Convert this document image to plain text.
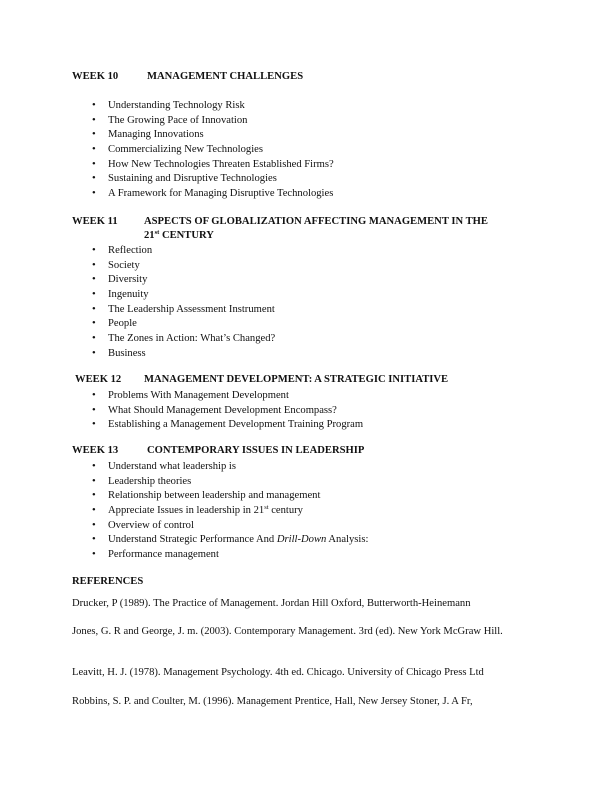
WEEK 10	MANAGEMENT CHALLENGES
• Understanding Technology Risk
• The Growing Pace of Innovation
• Managing Innovations
• Commercializing New Technologies
• How New Technologies Threaten Established Firms?
• Sustaining and Disruptive Technologies
• A Framework for Managing Disruptive Technologies
WEEK 11 ASPECTS OF GLOBALIZATION AFFECTING MANAGEMENT IN THE
21st CENTURY
• Reflection
• Society
• Diversity
• Ingenuity
• The Leadership Assessment Instrument
• People
• The Zones in Action: What’s Changed?
• Business
WEEK 12 MANAGEMENT DEVELOPMENT: A STRATEGIC INITIATIVE
• Problems With Management Development
• What Should Management Development Encompass?
• Establishing a Management Development Training Program
WEEK 13	CONTEMPORARY ISSUES IN LEADERSHIP
• Understand what leadership is
• Leadership theories
• Relationship between leadership and management
• Appreciate Issues in leadership in 21st century
• Overview of control
• Understand Strategic Performance And Drill-Down Analysis:
• Performance management
REFERENCES
Drucker, P (1989). The Practice of Management. Jordan Hill Oxford, Butterworth-Heinemann
Jones, G. R and George, J. m. (2003). Contemporary Management. 3rd (ed). New York McGraw Hill.
Leavitt, H. J. (1978). Management Psychology. 4th ed. Chicago. University of Chicago Press Ltd
Robbins, S. P. and Coulter, M. (1996). Management Prentice, Hall, New Jersey Stoner, J. A Fr,
